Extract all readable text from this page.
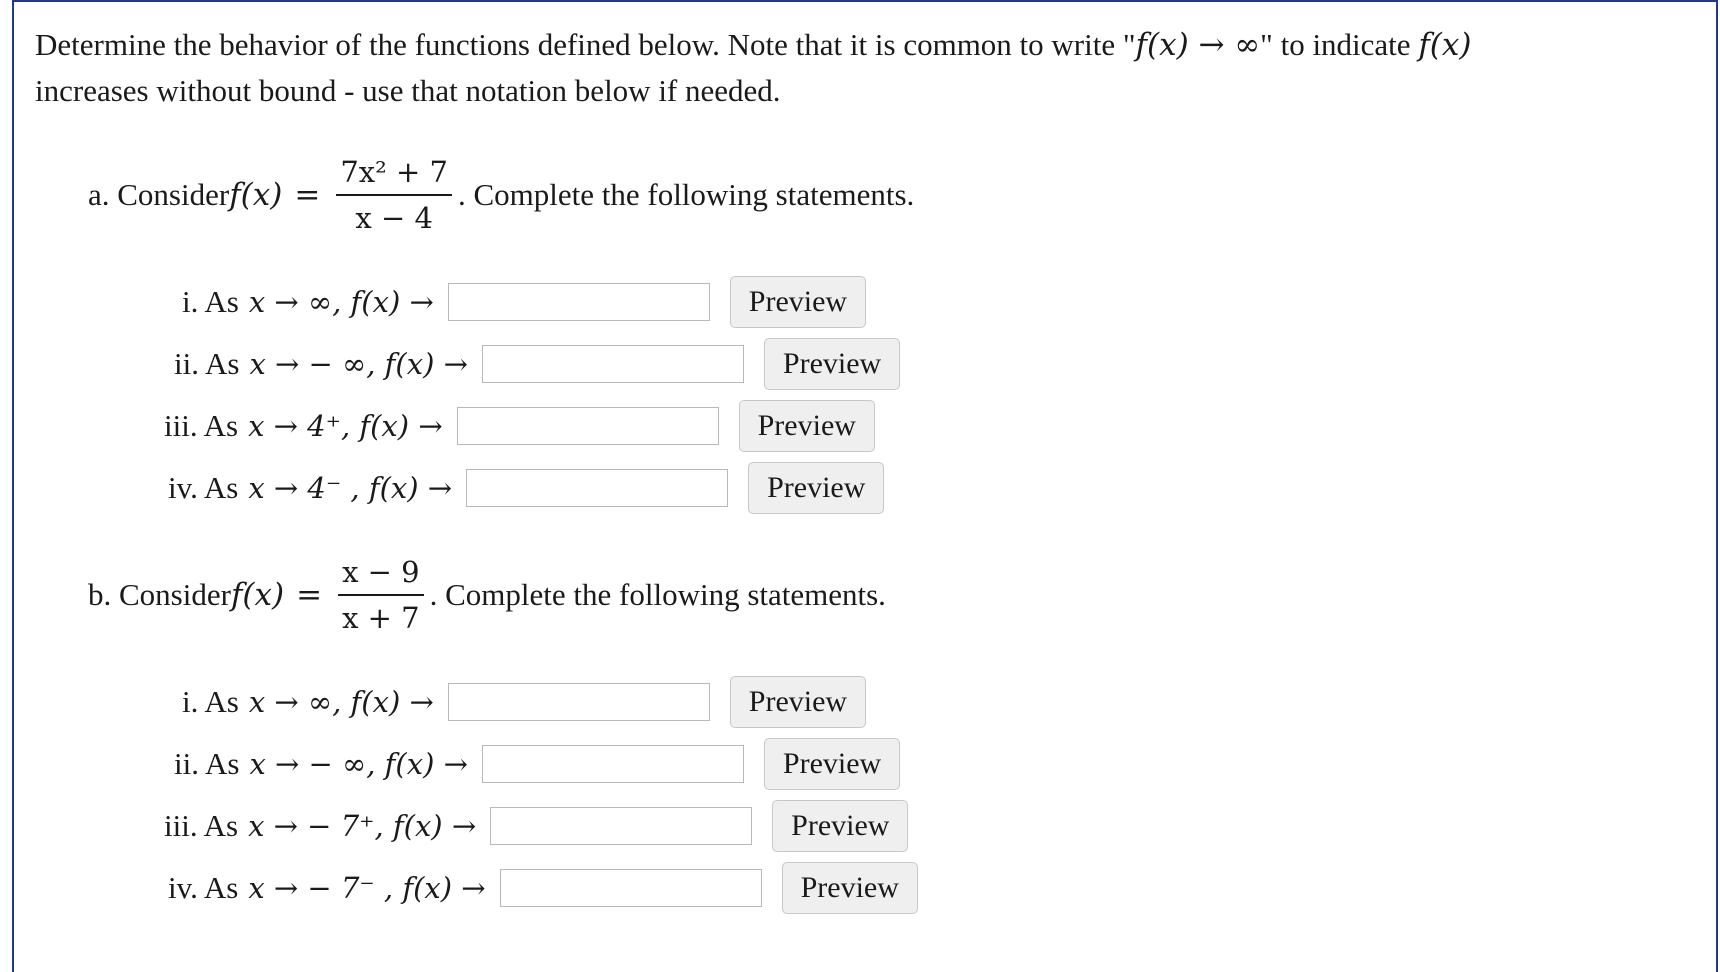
Determine the behavior of the functions defined below. Note that it is common to write "f(x) → ∞" to indicate f(x)
increases without bound - use that notation below if needed.
a. Consider $f(x) = \frac{\text{7x² + 7}}{x - 4}$ . Complete the following statements.
i. As x → ∞, f(x) →	Preview
ii. As x → − ∞, f(x) →	Preview
iii. As x → 4⁺, f(x) →	Preview
iv. As x → 4⁻ , f(x) →	Preview
b. Consider $f(x) = \frac{x - 9}{x + 7}$ . Complete the following statements.
i. As x → ∞, f(x) →	Preview
ii. As x → − ∞, f(x) →	Preview
iii. As x → − 7⁺, f(x) →	Preview
iv. As x → − 7⁻ , f(x) →	Preview
